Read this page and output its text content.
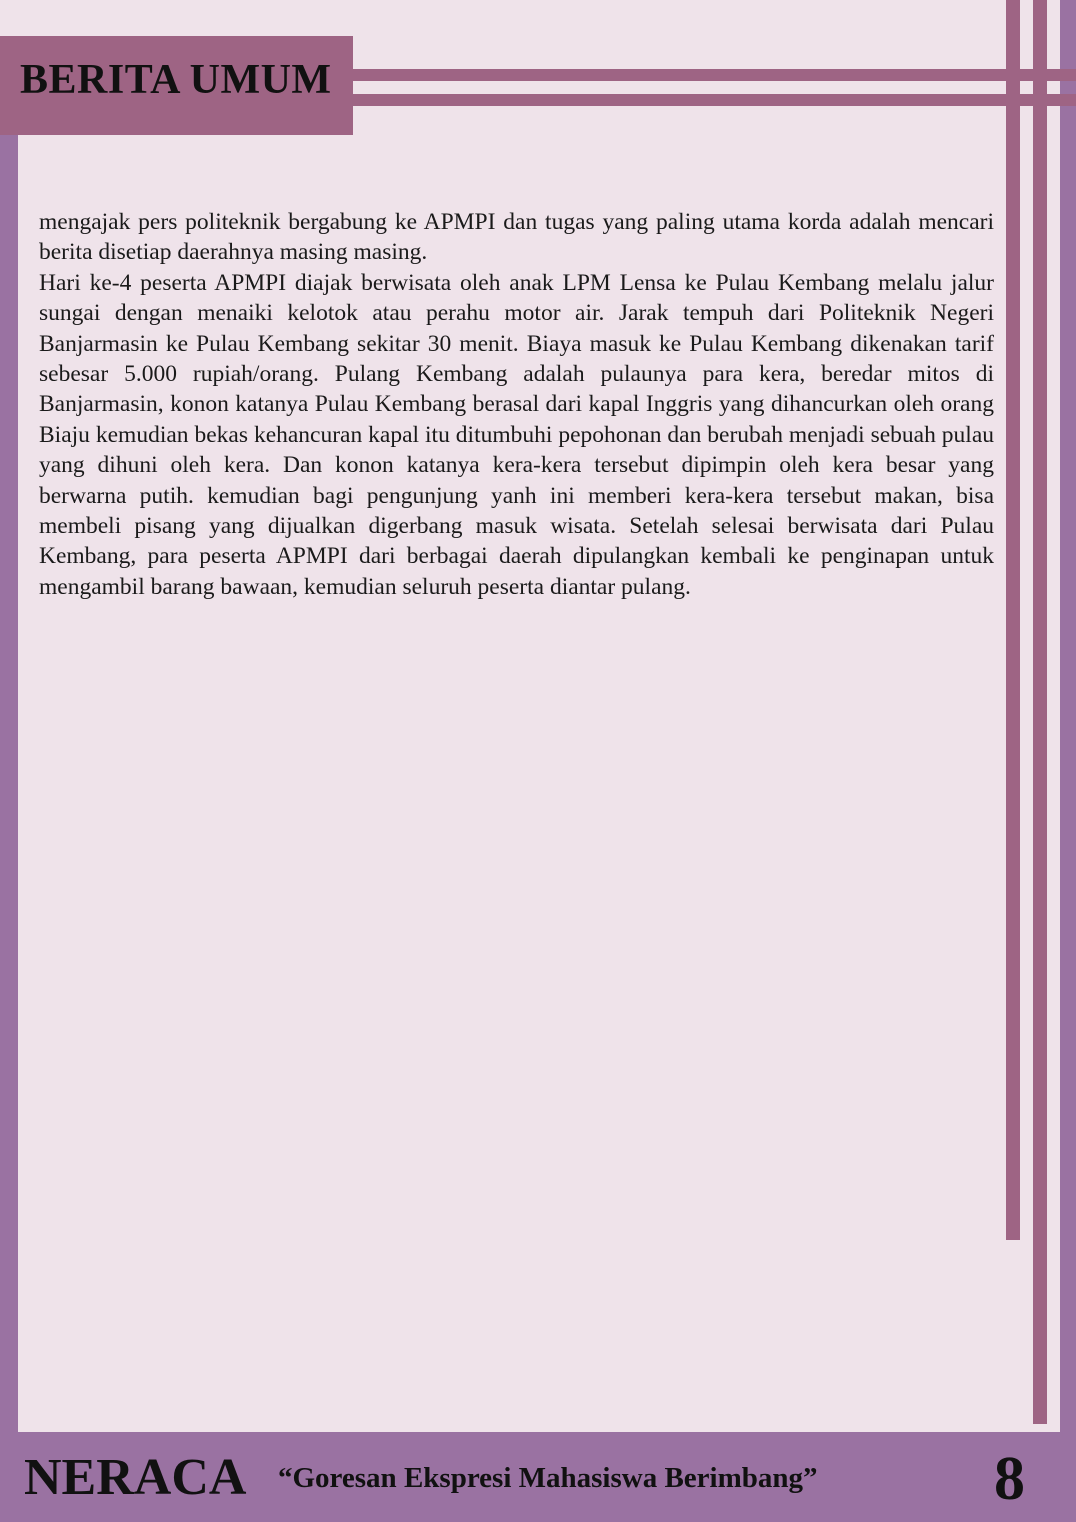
BERITA UMUM

mengajak pers politeknik bergabung ke APMPI dan tugas yang paling utama korda adalah mencari berita disetiap daerahnya masing masing.

Hari ke-4 peserta APMPI diajak berwisata oleh anak LPM Lensa ke Pulau Kembang melalu jalur sungai dengan menaiki kelotok atau perahu motor air. Jarak tempuh dari Politeknik Negeri Banjarmasin ke Pulau Kembang sekitar 30 menit. Biaya masuk ke Pulau Kembang dikenakan tarif sebesar 5.000 rupiah/orang. Pulang Kembang adalah pulaunya para kera, beredar mitos di Banjarmasin, konon katanya Pulau Kembang berasal dari kapal Inggris yang dihancurkan oleh orang Biaju kemudian bekas kehancuran kapal itu ditumbuhi pepohonan dan berubah menjadi sebuah pulau yang dihuni oleh kera. Dan konon katanya kera-kera tersebut dipimpin oleh kera besar yang berwarna putih. kemudian bagi pengunjung yanh ini memberi kera-kera tersebut makan, bisa membeli pisang yang dijualkan digerbang masuk wisata. Setelah selesai berwisata dari Pulau Kembang, para peserta APMPI dari berbagai daerah dipulangkan kembali ke penginapan untuk mengambil barang bawaan, kemudian seluruh peserta diantar pulang.

NERACA “Goresan Ekspresi Mahasiswa Berimbang”	8
